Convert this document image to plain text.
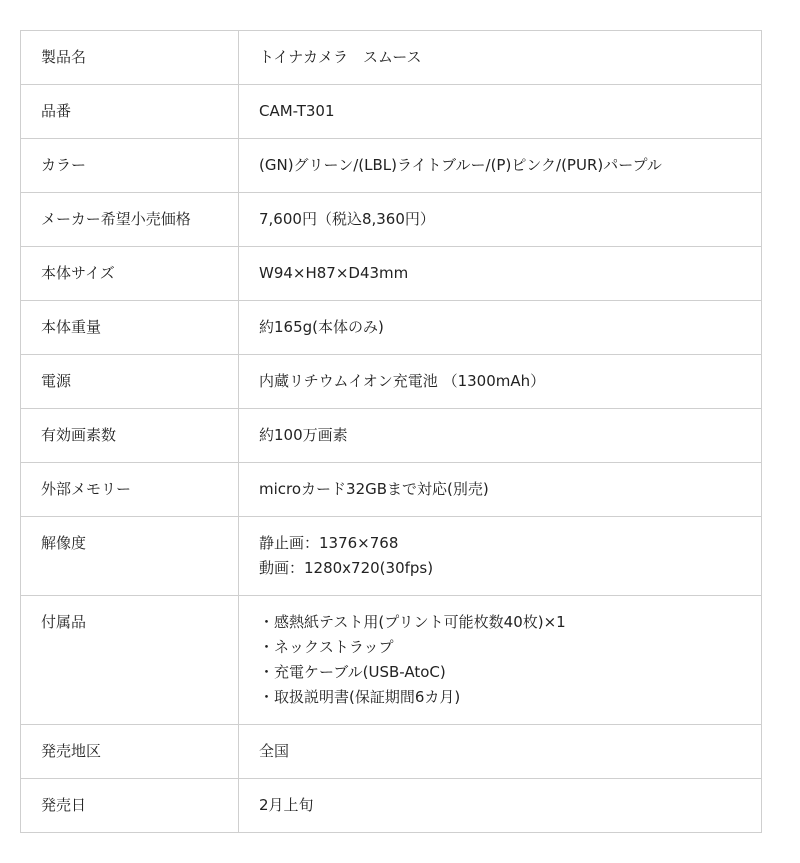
製品名	トイナカメラ　スムース

品番	CAM-T301

カラー	(GN)グリーン/(LBL)ライトブルー/(P)ピンク/(PUR)パープル

メーカー希望小売価格	7,600円（税込8,360円）

本体サイズ	W94×H87×D43mm

本体重量	約165g(本体のみ)

電源	内蔵リチウムイオン充電池 （1300mAh）

有効画素数	約100万画素

外部メモリー	microカード32GBまで対応(別売)

解像度	静止画：1376×768
動画：1280x720(30fps)

付属品	・感熱紙テスト用(プリント可能枚数40枚)×1
・ネックストラップ
・充電ケーブル(USB-AtoC)
・取扱説明書(保証期間6カ月)

発売地区	全国

発売日	2月上旬
